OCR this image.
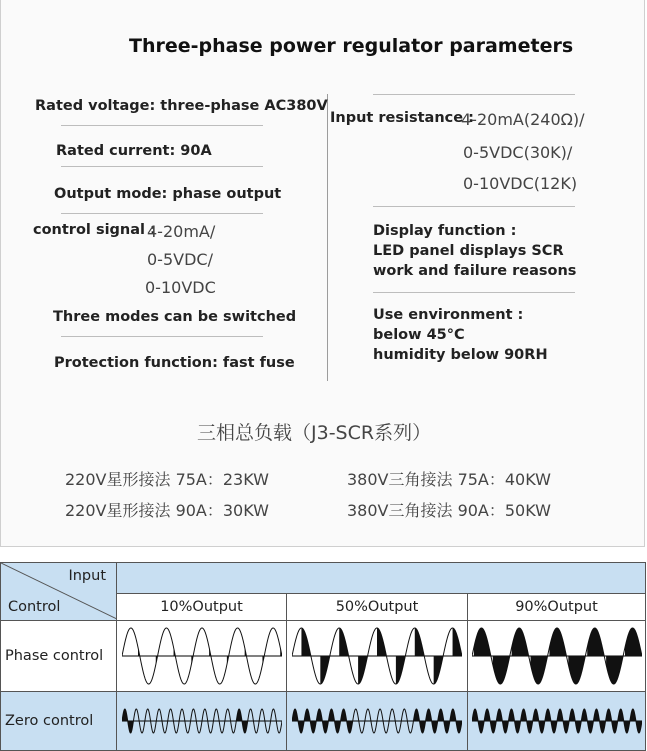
Three-phase power regulator parameters
Rated voltage: three-phase AC380V
Rated current: 90A
Output mode: phase output
control signal :
4-20mA/
0-5VDC/
0-10VDC
Three modes can be switched
Protection function: fast fuse
Input resistance :
4-20mA(240Ω)/
0-5VDC(30K)/
0-10VDC(12K)
Display function :
LED panel displays SCR
work and failure reasons
Use environment :
below 45°C
humidity below 90RH
三相总负载（J3-SCR系列）
220V星形接法 75A：23KW	380V三角接法 75A：40KW
220V星形接法 90A：30KW	380V三角接法 90A：50KW
Input
Control			

	10%Output	50%Output	90%Output
Phase control	

Zero control	
